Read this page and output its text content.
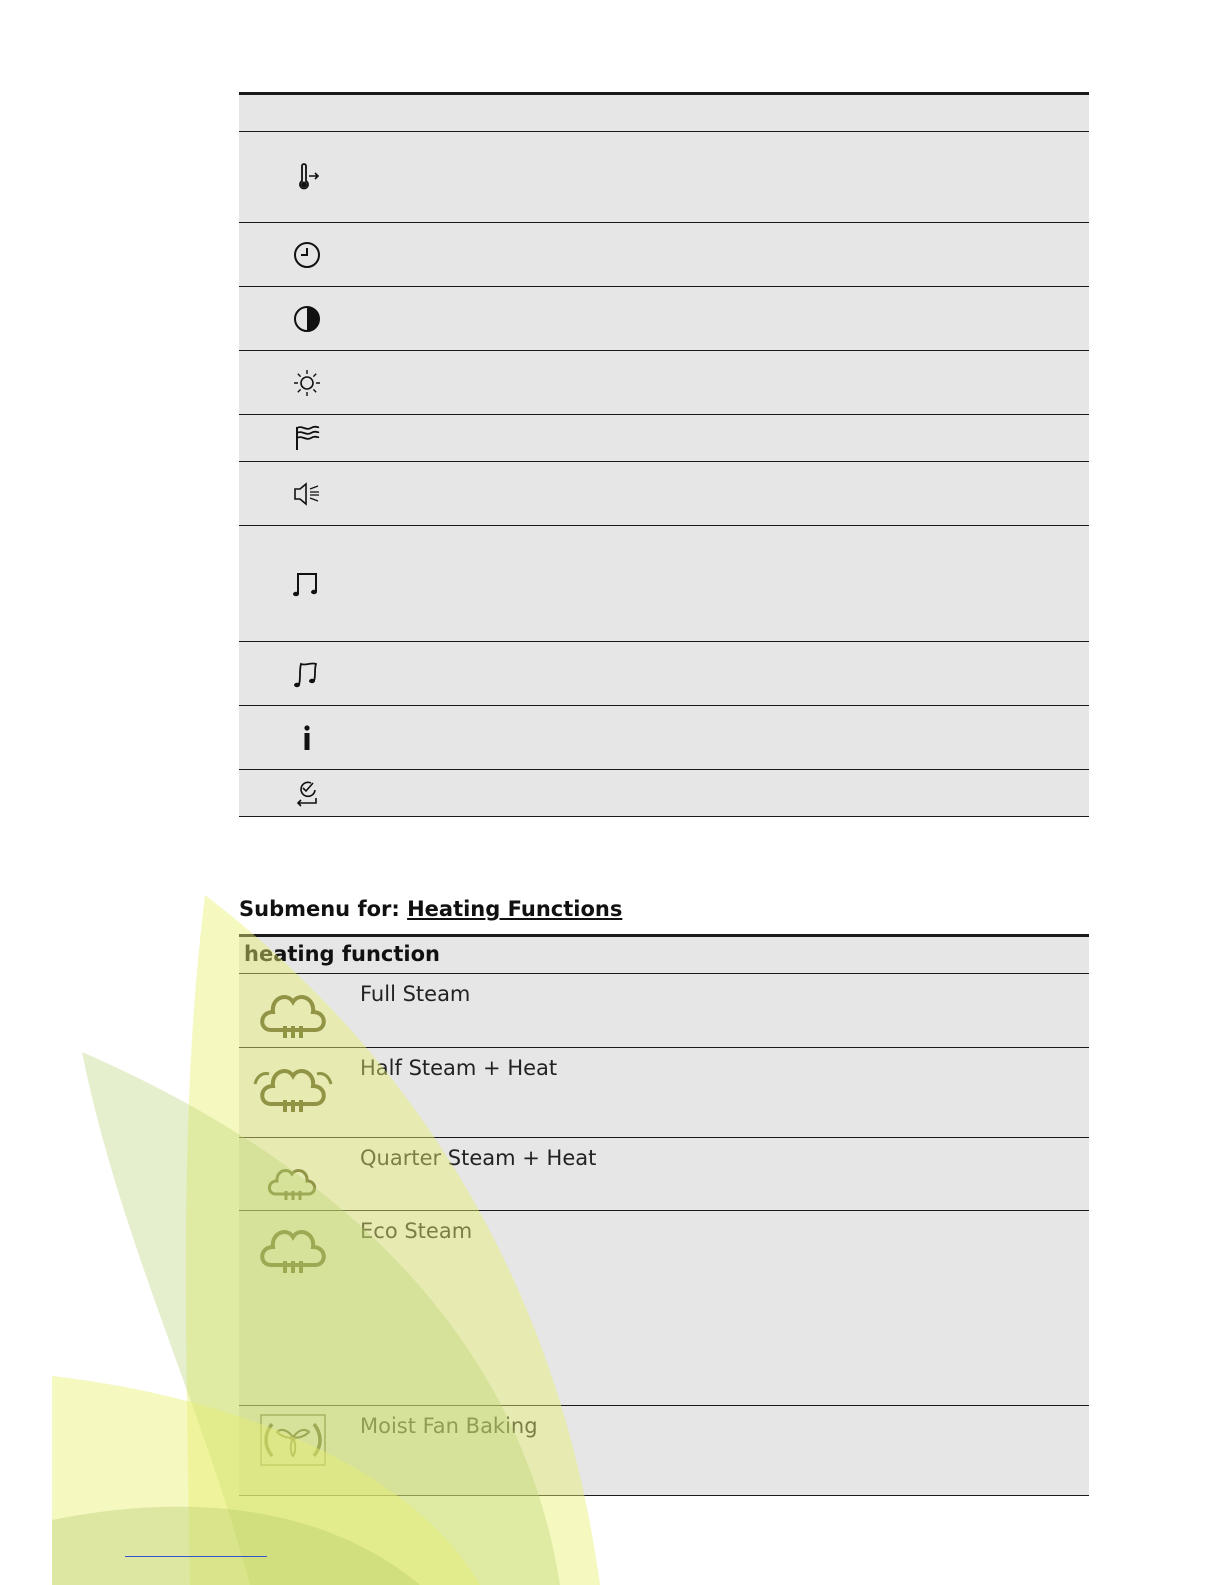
Submenu for: Heating Functions
heating function
Full Steam
Half Steam + Heat
Quarter Steam + Heat
Eco Steam
Moist Fan Baking
